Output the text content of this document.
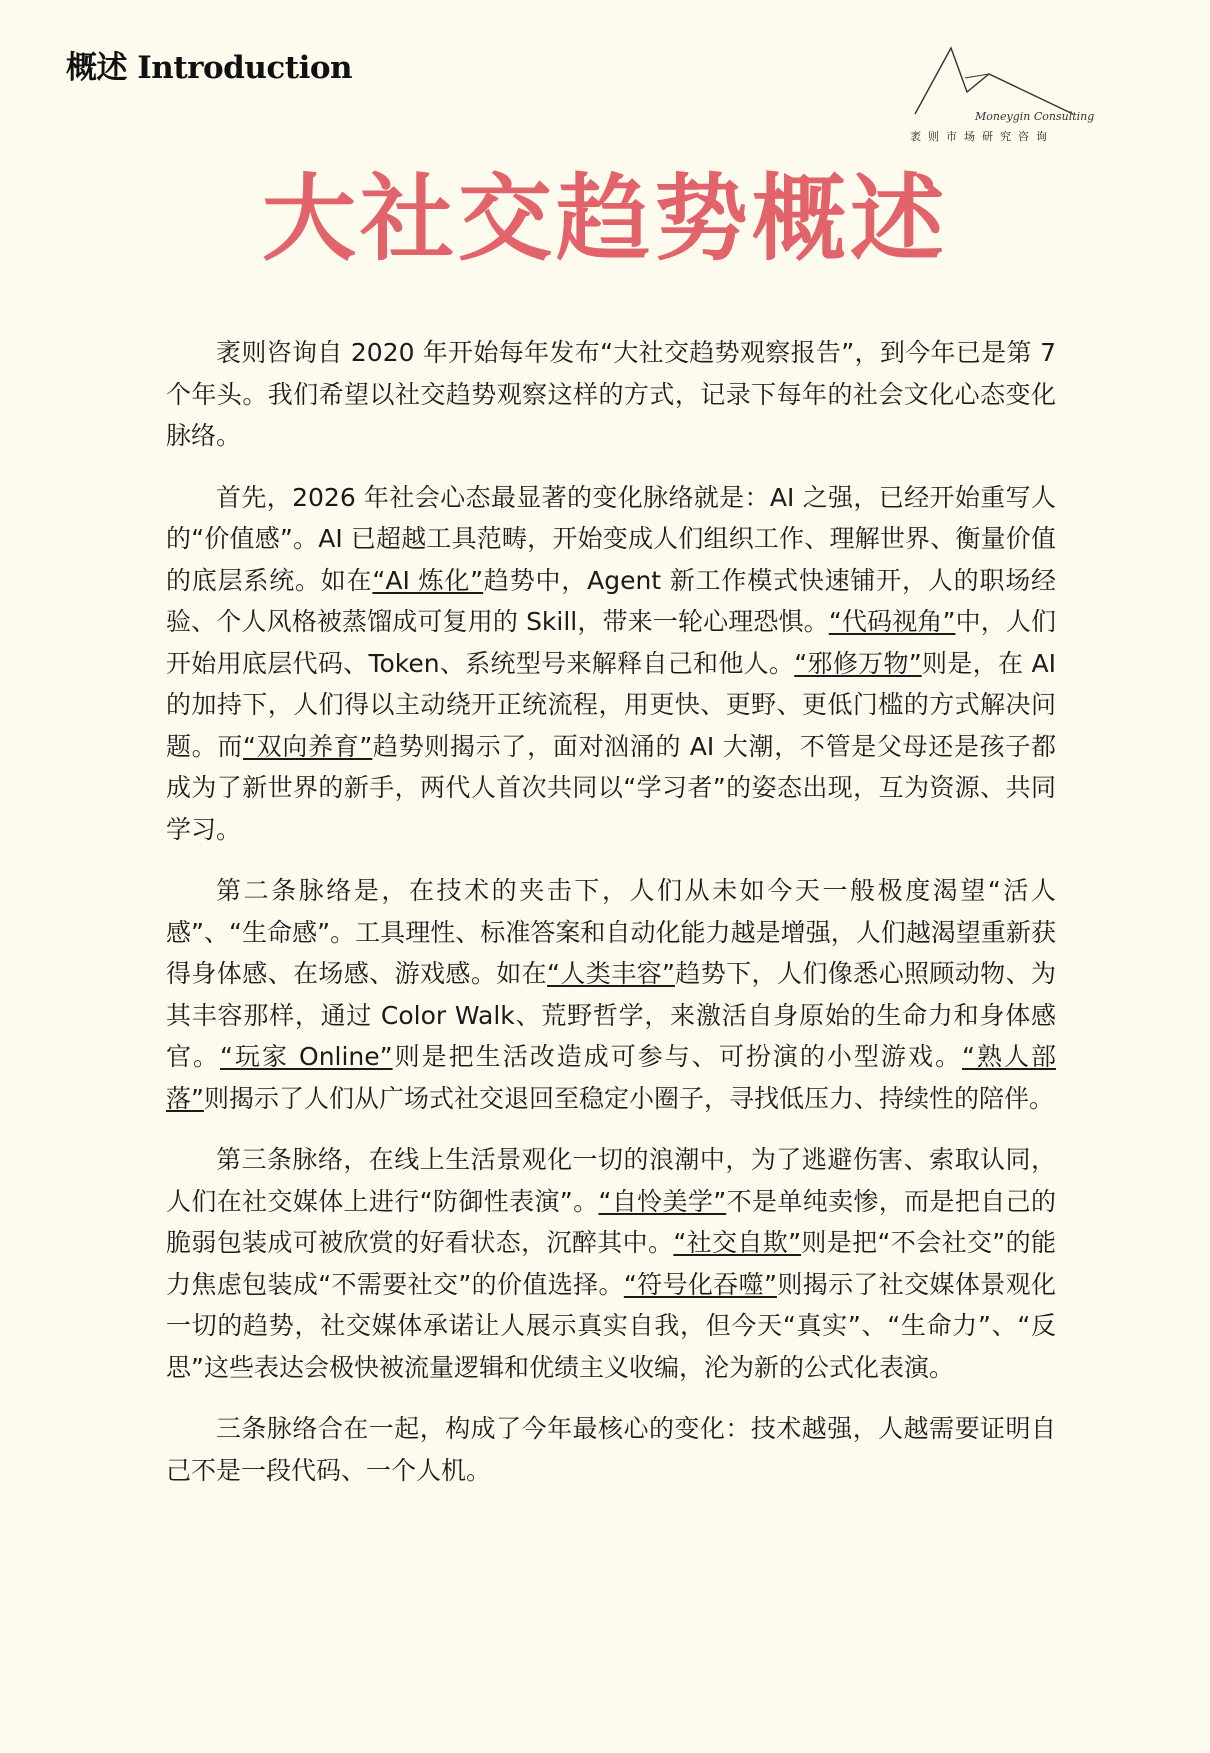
概述 Introduction
Moneygin Consulting
袤则市场研究咨询
大社交趋势概述

袤则咨询自 2020 年开始每年发布“大社交趋势观察报告”，到今年已是第 7 个年头。我们希望以社交趋势观察这样的方式，记录下每年的社会文化心态变化脉络。

首先，2026 年社会心态最显著的变化脉络就是：AI 之强，已经开始重写人的“价值感”。AI 已超越工具范畴，开始变成人们组织工作、理解世界、衡量价值的底层系统。如在“AI 炼化”趋势中，Agent 新工作模式快速铺开，人的职场经验、个人风格被蒸馏成可复用的 Skill，带来一轮心理恐惧。“代码视角”中，人们开始用底层代码、Token、系统型号来解释自己和他人。“邪修万物”则是，在 AI 的加持下，人们得以主动绕开正统流程，用更快、更野、更低门槛的方式解决问题。而“双向养育”趋势则揭示了，面对汹涌的 AI 大潮，不管是父母还是孩子都成为了新世界的新手，两代人首次共同以“学习者”的姿态出现，互为资源、共同学习。

第二条脉络是，在技术的夹击下，人们从未如今天一般极度渴望“活人感”、“生命感”。工具理性、标准答案和自动化能力越是增强，人们越渴望重新获得身体感、在场感、游戏感。如在“人类丰容”趋势下，人们像悉心照顾动物、为其丰容那样，通过 Color Walk、荒野哲学，来激活自身原始的生命力和身体感官。“玩家 Online”则是把生活改造成可参与、可扮演的小型游戏。“熟人部落”则揭示了人们从广场式社交退回至稳定小圈子，寻找低压力、持续性的陪伴。

第三条脉络，在线上生活景观化一切的浪潮中，为了逃避伤害、索取认同，人们在社交媒体上进行“防御性表演”。“自怜美学”不是单纯卖惨，而是把自己的脆弱包装成可被欣赏的好看状态，沉醉其中。“社交自欺”则是把“不会社交”的能力焦虑包装成“不需要社交”的价值选择。“符号化吞噬”则揭示了社交媒体景观化一切的趋势，社交媒体承诺让人展示真实自我，但今天“真实”、“生命力”、“反思”这些表达会极快被流量逻辑和优绩主义收编，沦为新的公式化表演。

三条脉络合在一起，构成了今年最核心的变化：技术越强，人越需要证明自己不是一段代码、一个人机。
